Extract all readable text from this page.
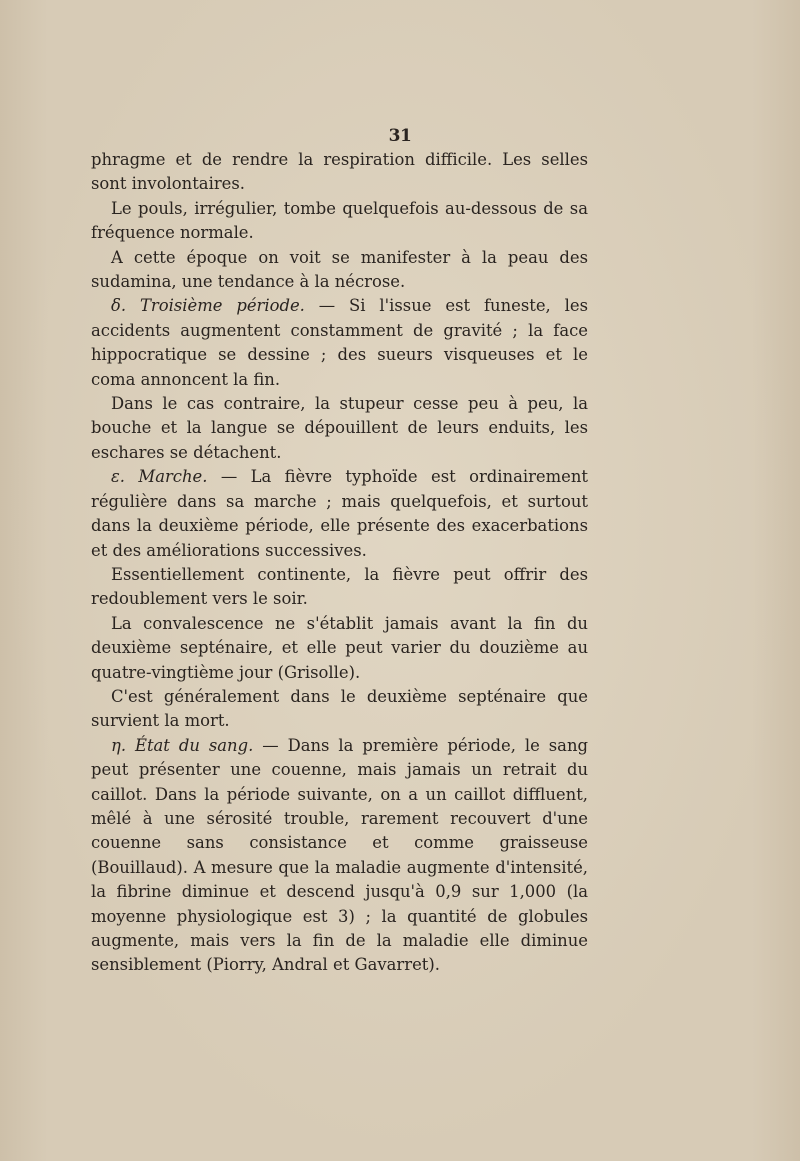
31

phragme et de rendre la respiration difficile. Les selles sont involontaires.

Le pouls, irrégulier, tombe quelquefois au-dessous de sa fréquence normale.

A cette époque on voit se manifester à la peau des sudamina, une tendance à la nécrose.

δ. Troisième période. — Si l'issue est funeste, les accidents augmentent constamment de gravité ; la face hippocratique se dessine ; des sueurs visqueuses et le coma annoncent la fin.

Dans le cas contraire, la stupeur cesse peu à peu, la bouche et la langue se dépouillent de leurs enduits, les eschares se détachent.

ε. Marche. — La fièvre typhoïde est ordinairement régulière dans sa marche ; mais quelquefois, et surtout dans la deuxième période, elle présente des exacerbations et des améliorations successives.

Essentiellement continente, la fièvre peut offrir des redoublement vers le soir.

La convalescence ne s'établit jamais avant la fin du deuxième septénaire, et elle peut varier du douzième au quatre-vingtième jour (Grisolle).

C'est généralement dans le deuxième septénaire que survient la mort.

η. État du sang. — Dans la première période, le sang peut présenter une couenne, mais jamais un retrait du caillot. Dans la période suivante, on a un caillot diffluent, mêlé à une sérosité trouble, rarement recouvert d'une couenne sans consistance et comme graisseuse (Bouillaud). A mesure que la maladie augmente d'intensité, la fibrine diminue et descend jusqu'à 0,9 sur 1,000 (la moyenne physiologique est 3) ; la quantité de globules augmente, mais vers la fin de la maladie elle diminue sensiblement (Piorry, Andral et Gavarret).
